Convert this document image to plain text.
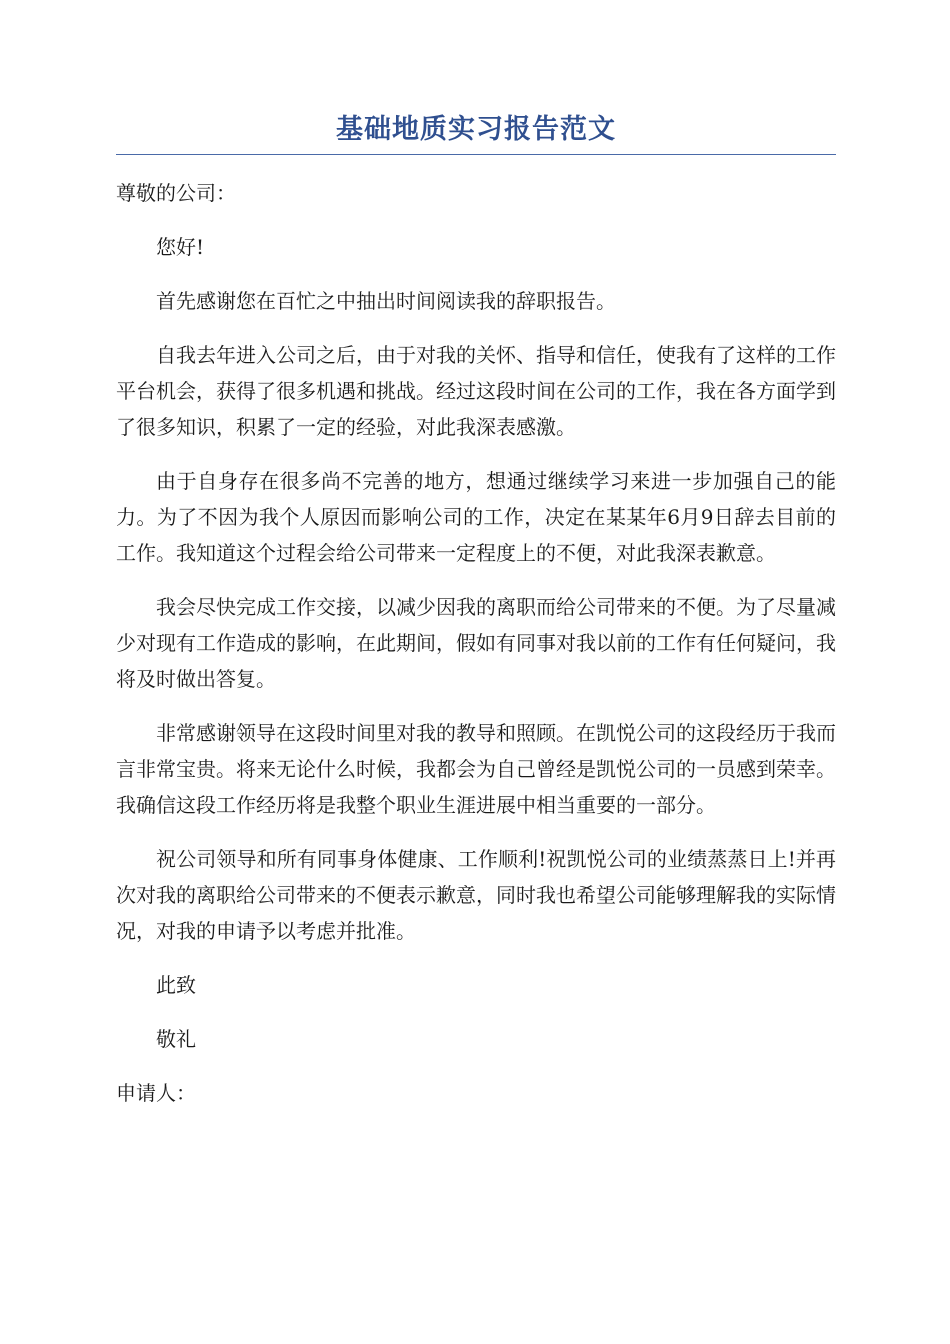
基础地质实习报告范文

尊敬的公司：

您好!

首先感谢您在百忙之中抽出时间阅读我的辞职报告。

自我去年进入公司之后，由于对我的关怀、指导和信任，使我有了这样的工作平台机会，获得了很多机遇和挑战。经过这段时间在公司的工作，我在各方面学到了很多知识，积累了一定的经验，对此我深表感激。

由于自身存在很多尚不完善的地方，想通过继续学习来进一步加强自己的能力。为了不因为我个人原因而影响公司的工作，决定在某某年6月9日辞去目前的工作。我知道这个过程会给公司带来一定程度上的不便，对此我深表歉意。

我会尽快完成工作交接，以减少因我的离职而给公司带来的不便。为了尽量减少对现有工作造成的影响，在此期间，假如有同事对我以前的工作有任何疑问，我将及时做出答复。

非常感谢领导在这段时间里对我的教导和照顾。在凯悦公司的这段经历于我而言非常宝贵。将来无论什么时候，我都会为自己曾经是凯悦公司的一员感到荣幸。我确信这段工作经历将是我整个职业生涯进展中相当重要的一部分。

祝公司领导和所有同事身体健康、工作顺利!祝凯悦公司的业绩蒸蒸日上!并再次对我的离职给公司带来的不便表示歉意，同时我也希望公司能够理解我的实际情况，对我的申请予以考虑并批准。

此致

敬礼

申请人：
